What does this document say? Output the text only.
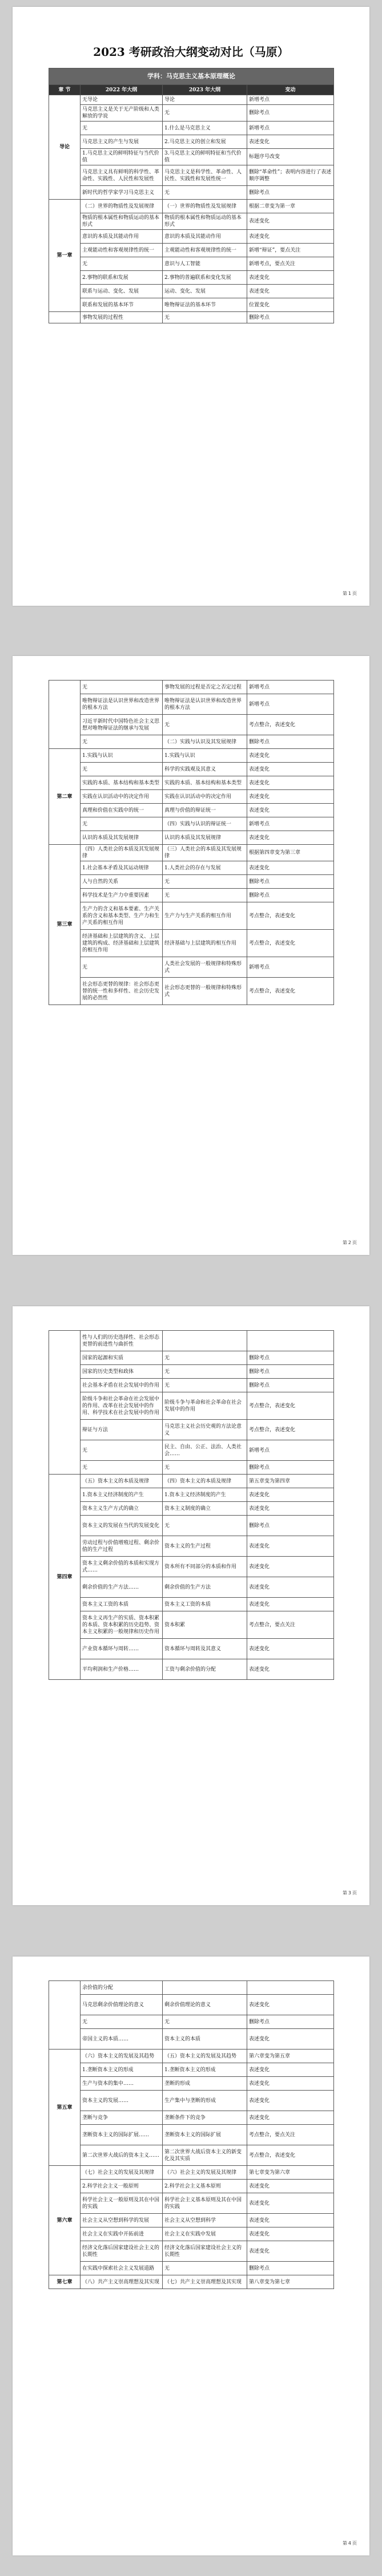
2023 考研政治大纲变动对比（马原）
学科：马克思主义基本原理概论			
章 节	2022 年大纲	2023 年大纲	变动
导论	无导论	导论	新增考点
	马克思主义是关于无产阶级和人类解放的学说	无	删除考点
	无	1.什么是马克思主义	新增考点
	马克思主义的产生与发展	2.马克思主义的创立和发展	表述变化
	1.马克思主义的鲜明特征与当代价值	3.马克思主义的鲜明特征和当代价值	标题序号改变
	马克思主义具有鲜明的科学性、革命性、实践性、人民性和发展性	马克思主义是科学性、革命性、人民性、实践性和发展性统一	删除“革命性”；表明内容进行了表述顺序调整
	新时代的哲学家学习马克思主义	无	删除考点
第一章	（二）世界的物质性及发展规律	（一）世界的物质性及发展规律	根据二章变为第一章
	物质的根本属性和物质运动的基本形式	物质的根本属性和物质运动的基本形式	表述变化
	意识的本质及其能动作用	意识的本质及其能动作用	表述变化
	主观能动性和客观规律性的统一	主观能动性和客观规律性的统一	新增“辩证”，要点关注
	无	意识与人工智能	新增考点，要点关注
	2.事物的联系和发展	2.事物的普遍联系和变化发展	表述变化
	联系与运动、变化、发展	运动、变化、发展	表述变化
	联系和发展的基本环节	唯物辩证法的基本环节	位置变化
	事物发展的过程性	无	删除考点
第 1 页
	无	事物发展的过程是否定之否定过程	新增考点
	唯物辩证法是认识世界和改造世界的根本方法	唯物辩证法是认识世界和改造世界的根本方法	新增考点
	习近平新时代中国特色社会主义思想对唯物辩证法的继承与发展	无	考点整合，表述变化
	无	（二）实践与认识及其发展规律	删除考点
第二章	1.实践与认识	1.实践与认识	表述变化
	无	科学的实践观及其意义	表述变化
	实践的本质、基本结构和基本类型	实践的本质、基本结构和基本类型	表述变化
	实践在认识活动中的决定作用	实践在认识活动中的决定作用	表述变化
	真理和价值在实践中的统一	真理与价值的辩证统一	表述变化
	无	（四）实践与认识的辩证统一	新增考点
	认识的本质及其发展规律	认识的本质及其发展规律	表述变化
第三章	（四）人类社会的本质及其发展规律	（三）人类社会的本质及其发展规律	根据第四章变为第三章
	1.社会基本矛盾及其运动规律	1.人类社会的存在与发展	表述变化
	人与自然的关系	无	删除考点
	科学技术是生产力中重要因素	无	删除考点
	生产力的含义和基本要素、生产关系的含义和基本类型、生产力和生产关系的相互作用	生产力与生产关系的相互作用	考点整合，表述变化
	经济基础和上层建筑的含义、上层建筑的构成、经济基础和上层建筑的相互作用	经济基础与上层建筑的相互作用	考点整合，表述变化
	无	人类社会发展的一般规律和特殊形式	新增考点
	社会形态更替的规律：社会形态更替的统一性和多样性、社会历史发展的必然性	社会形态更替的一般规律和特殊形式	考点整合，表述变化
第 2 页
	性与人们的历史选择性、社会形态更替的前进性与曲折性		
	国家的起源和实质	无	删除考点
	国家的历史类型和政体	无	删除考点
	社会基本矛盾在社会发展中的作用	无	删除考点
	阶级斗争和社会革命在社会发展中的作用、改革在社会发展中的作用、科学技术在社会发展中的作用	阶级斗争与革命和社会革命在社会发展中的作用	考点整合，表述变化
	辩证与方法	马克思主义社会历史观的方法论意义	考点整合，表述变化
	无	民主、自由、公正、法治、人类社会……	新增考点
	无	无	删除考点
第四章	（五）资本主义的本质及规律	（四）资本主义的本质及规律	第五章变为第四章
	1.资本主义经济制度的产生	1.资本主义经济制度的产生	表述变化
	资本主义生产方式的确立	资本主义制度的确立	表述变化
	资本主义的发展在当代的发展变化	无	删除考点
	劳动过程与价值增殖过程、剩余价值的生产过程	资本主义的生产过程	表述变化
	资本主义剩余价值的本质和实现方式……	资本所有不同部分的本质和作用	表述变化
	剩余价值的生产方法……	剩余价值的生产方法	表述变化
	资本主义工资的本质	资本主义工资的本质	表述变化
	资本主义再生产的实质、资本积累的本质、资本积累的历史趋势、资本主义积累的一般规律和历史作用	资本积累	考点整合，要点关注
	产业资本循环与周转……	资本循环与周转及其意义	表述变化
	平均利润和生产价格……	工资与剩余价值的分配	表述变化
第 3 页
	余价值的分配		
	马克思剩余价值理论的意义	剩余价值理论的意义	表述变化
	无	无	删除考点
	帝国主义的本质……	资本主义的本质	表述变化
第五章	（六）资本主义的发展及其趋势	（五）资本主义的发展及其趋势	第六章变为第五章
	1.垄断资本主义的形成	1.垄断资本主义的形成	表述变化
	生产与资本的集中……	垄断的形成	表述变化
	资本主义的发展……	生产集中与垄断的形成	表述变化
	垄断与竞争	垄断条件下的竞争	表述变化
	垄断资本主义的国际扩展……	垄断资本主义的国际扩展	考点整合，要点关注
	第二次世界大战后的资本主义……	第二次世界大战后资本主义的新变化及其实质	考点整合，表述变化
第六章	（七）社会主义的发展及其规律	（六）社会主义的发展及其规律	第七章变为第六章
	2.科学社会主义一般原则	2.科学社会主义基本原则	表述变化
	科学社会主义一般原则及其在中国的实践	科学社会主义基本原则及其在中国的实践	表述变化
	社会主义从空想到科学的发展	社会主义从空想到科学	表述变化
	社会主义在实践中开拓前进	社会主义在实践中发展	表述变化
	经济文化落后国家建设社会主义的长期性	经济文化落后国家建设社会主义的长期性	表述变化
	在实践中探索社会主义发展道路	无	删除考点
第七章	（八）共产主义崇高理想及其实现	（七）共产主义崇高理想及其实现	第八章变为第七章
第 4 页
